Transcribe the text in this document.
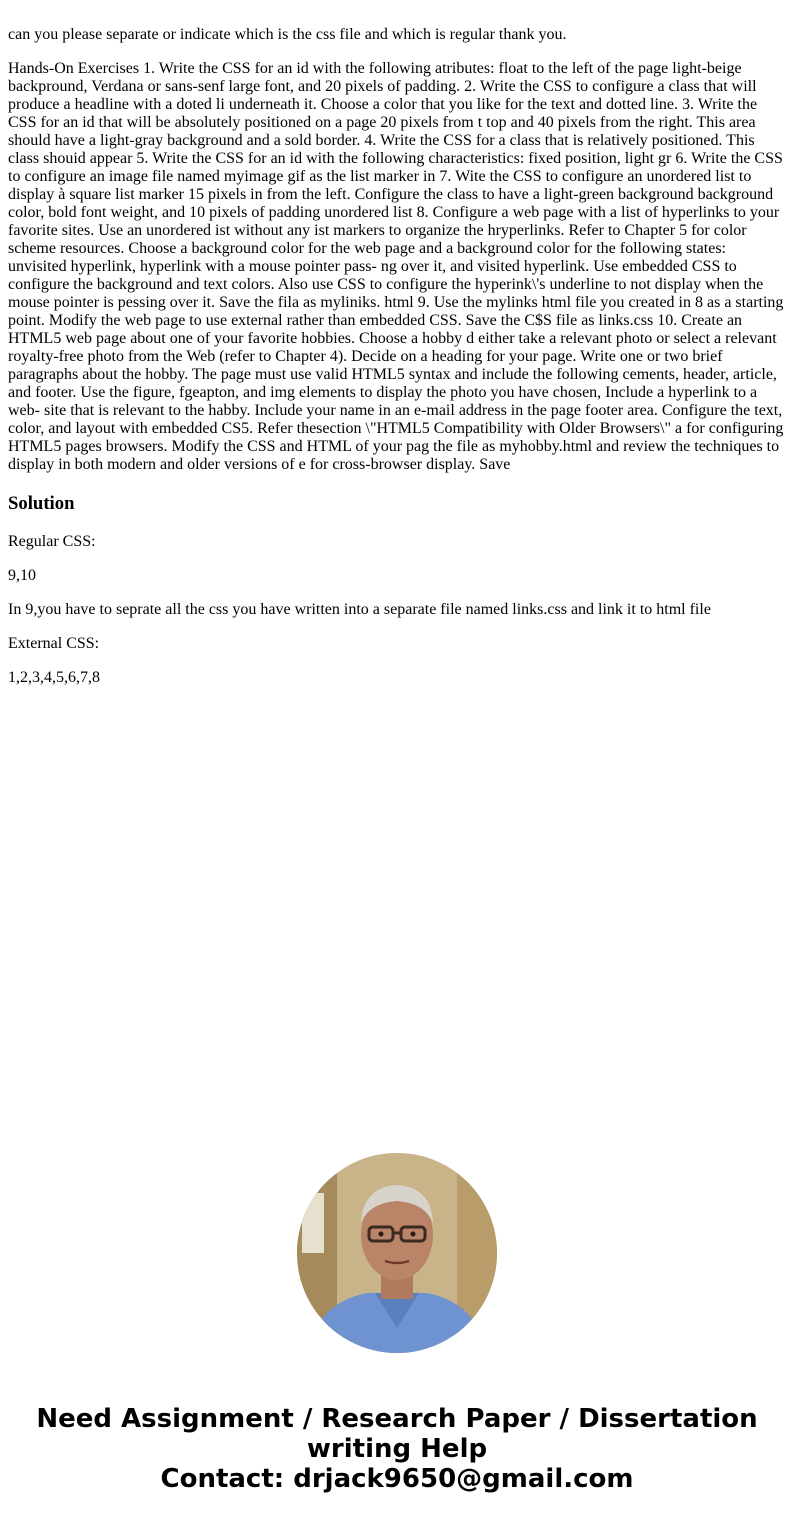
can you please separate or indicate which is the css file and which is regular thank you.

Hands-On Exercises 1. Write the CSS for an id with the following atributes: float to the left of the page light-beige backpround, Verdana or sans-senf large font, and 20 pixels of padding. 2. Write the CSS to configure a class that will produce a headline with a doted li underneath it. Choose a color that you like for the text and dotted line. 3. Write the CSS for an id that will be absolutely positioned on a page 20 pixels from t top and 40 pixels from the right. This area should have a light-gray background and a sold border. 4. Write the CSS for a class that is relatively positioned. This class shouid appear 5. Write the CSS for an id with the following characteristics: fixed position, light gr 6. Write the CSS to configure an image file named myimage gif as the list marker in 7. Wite the CSS to configure an unordered list to display à square list marker 15 pixels in from the left. Configure the class to have a light-green background background color, bold font weight, and 10 pixels of padding unordered list 8. Configure a web page with a list of hyperlinks to your favorite sites. Use an unordered ist without any ist markers to organize the hryperlinks. Refer to Chapter 5 for color scheme resources. Choose a background color for the web page and a background color for the following states: unvisited hyperlink, hyperlink with a mouse pointer pass- ng over it, and visited hyperlink. Use embedded CSS to configure the background and text colors. Also use CSS to configure the hyperink\'s underline to not display when the mouse pointer is pessing over it. Save the fila as myliniks. html 9. Use the mylinks html file you created in 8 as a starting point. Modify the web page to use external rather than embedded CSS. Save the C$S file as links.css 10. Create an HTML5 web page about one of your favorite hobbies. Choose a hobby d either take a relevant photo or select a relevant royalty-free photo from the Web (refer to Chapter 4). Decide on a heading for your page. Write one or two brief paragraphs about the hobby. The page must use valid HTML5 syntax and include the following cements, header, article, and footer. Use the figure, fgeapton, and img elements to display the photo you have chosen, Include a hyperlink to a web- site that is relevant to the habby. Include your name in an e-mail address in the page footer area. Configure the text, color, and layout with embedded CS5. Refer thesection \"HTML5 Compatibility with Older Browsers\" a for configuring HTML5 pages browsers. Modify the CSS and HTML of your pag the file as myhobby.html and review the techniques to display in both modern and older versions of e for cross-browser display. Save

Solution

Regular CSS:

9,10

In 9,you have to seprate all the css you have written into a separate file named links.css and link it to html file

External CSS:

1,2,3,4,5,6,7,8

Need Assignment / Research Paper / Dissertation
writing Help
Contact: drjack9650@gmail.com
